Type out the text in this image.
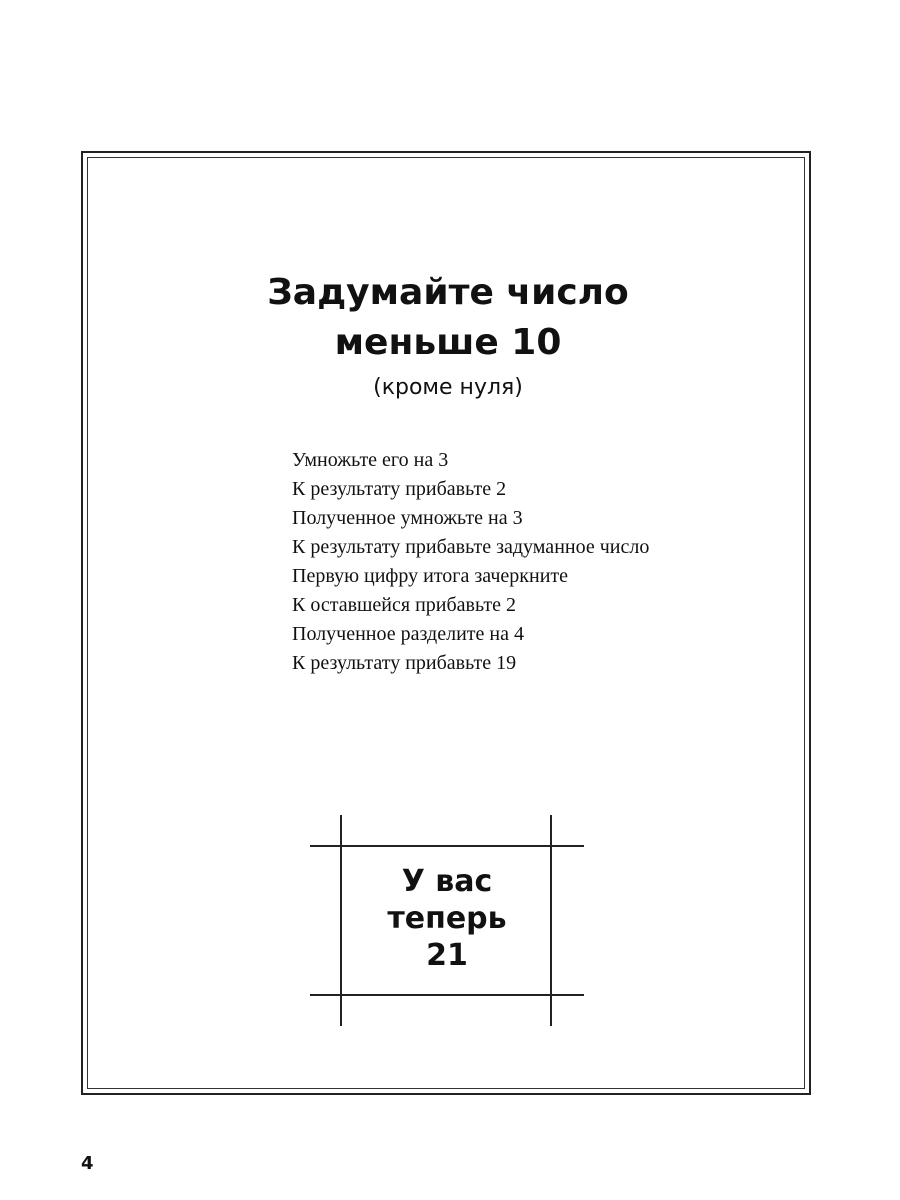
Задумайте число
меньше 10
(кроме нуля)
Умножьте его на 3
К результату прибавьте 2
Полученное умножьте на 3
К результату прибавьте задуманное число
Первую цифру итога зачеркните
К оставшейся прибавьте 2
Полученное разделите на 4
К результату прибавьте 19
У вас
теперь
21
4
